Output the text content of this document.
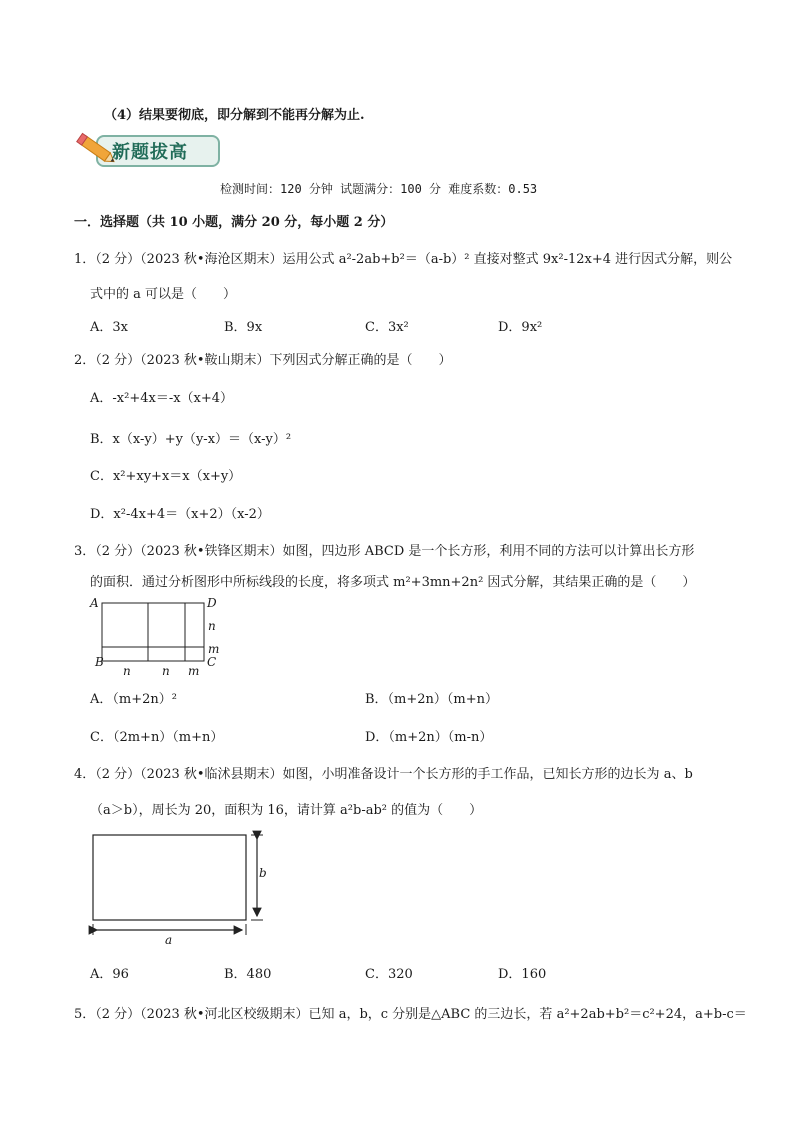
（4）结果要彻底，即分解到不能再分解为止.
新题拔高
检测时间：120 分钟 试题满分：100 分 难度系数：0.53
一．选择题（共 10 小题，满分 20 分，每小题 2 分）
1．（2 分）（2023 秋•海沧区期末）运用公式 a²-2ab+b²＝（a-b）² 直接对整式 9x²-12x+4 进行因式分解，则公
式中的 a 可以是（　　）
A．3x	B．9x	C．3x²	D．9x²
2．（2 分）（2023 秋•鞍山期末）下列因式分解正确的是（　　）
A．-x²+4x＝-x（x+4）
B．x（x-y）+y（y-x）＝（x-y）²
C．x²+xy+x＝x（x+y）
D．x²-4x+4＝（x+2）（x-2）
3．（2 分）（2023 秋•铁锋区期末）如图，四边形 ABCD 是一个长方形，利用不同的方法可以计算出长方形
的面积．通过分析图形中所标线段的长度，将多项式 m²+3mn+2n² 因式分解，其结果正确的是（　　）
A	D
B	C
n
m
n	n m
A．（m+2n）²	B．（m+2n）（m+n）
C．（2m+n）（m+n）	D．（m+2n）（m-n）
4．（2 分）（2023 秋•临沭县期末）如图，小明准备设计一个长方形的手工作品，已知长方形的边长为 a、b
（a＞b），周长为 20，面积为 16，请计算 a²b-ab² 的值为（　　）
b
a
A．96	B．480	C．320	D．160
5．（2 分）（2023 秋•河北区校级期末）已知 a，b，c 分别是△ABC 的三边长，若 a²+2ab+b²＝c²+24，a+b-c＝
